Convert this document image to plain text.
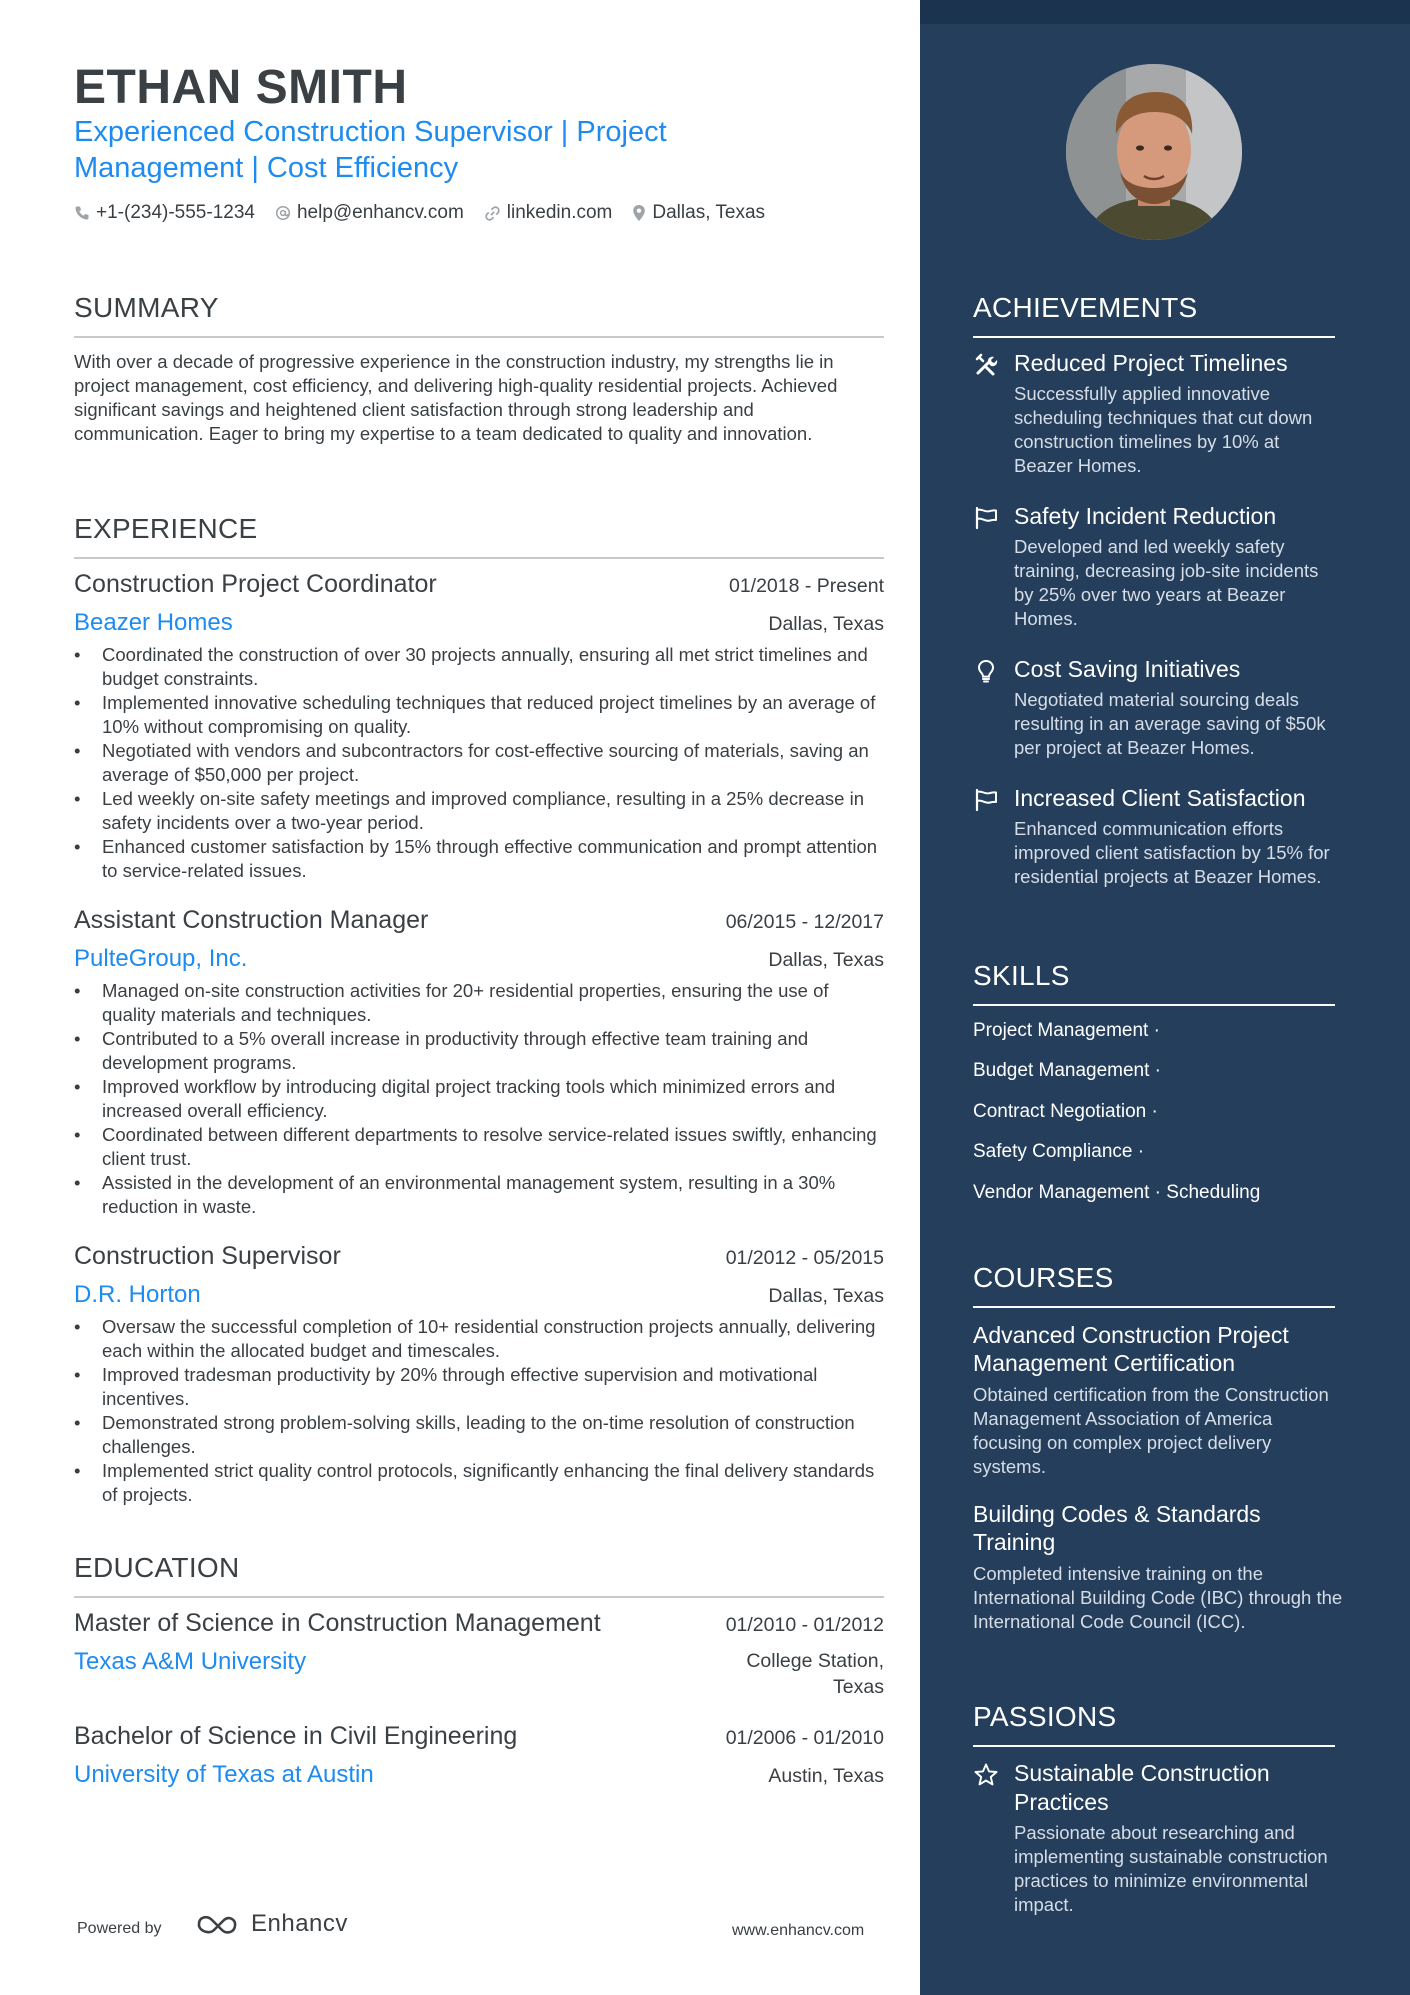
ETHAN SMITH
Experienced Construction Supervisor | Project
Management | Cost Efficiency
+1-(234)-555-1234 help@enhancv.com linkedin.com Dallas, Texas
SUMMARY
With over a decade of progressive experience in the construction industry, my strengths lie in project management, cost efficiency, and delivering high-quality residential projects. Achieved significant savings and heightened client satisfaction through strong leadership and communication. Eager to bring my expertise to a team dedicated to quality and innovation.
EXPERIENCE
Construction Project Coordinator	01/2018 - Present
Beazer Homes	Dallas, Texas
• Coordinated the construction of over 30 projects annually, ensuring all met strict timelines and budget constraints.
• Implemented innovative scheduling techniques that reduced project timelines by an average of 10% without compromising on quality.
• Negotiated with vendors and subcontractors for cost-effective sourcing of materials, saving an average of $50,000 per project.
• Led weekly on-site safety meetings and improved compliance, resulting in a 25% decrease in safety incidents over a two-year period.
• Enhanced customer satisfaction by 15% through effective communication and prompt attention to service-related issues.
Assistant Construction Manager	06/2015 - 12/2017
PulteGroup, Inc.	Dallas, Texas
• Managed on-site construction activities for 20+ residential properties, ensuring the use of quality materials and techniques.
• Contributed to a 5% overall increase in productivity through effective team training and development programs.
• Improved workflow by introducing digital project tracking tools which minimized errors and increased overall efficiency.
• Coordinated between different departments to resolve service-related issues swiftly, enhancing client trust.
• Assisted in the development of an environmental management system, resulting in a 30% reduction in waste.
Construction Supervisor	01/2012 - 05/2015
D.R. Horton	Dallas, Texas
• Oversaw the successful completion of 10+ residential construction projects annually, delivering each within the allocated budget and timescales.
• Improved tradesman productivity by 20% through effective supervision and motivational incentives.
• Demonstrated strong problem-solving skills, leading to the on-time resolution of construction challenges.
• Implemented strict quality control protocols, significantly enhancing the final delivery standards of projects.
EDUCATION
Master of Science in Construction Management	01/2010 - 01/2012
Texas A&M University	College Station,
Texas
Bachelor of Science in Civil Engineering	01/2006 - 01/2010
University of Texas at Austin	Austin, Texas
Powered by	Enhancv	www.enhancv.com
ACHIEVEMENTS
Reduced Project Timelines
Successfully applied innovative scheduling techniques that cut down construction timelines by 10% at Beazer Homes.
Safety Incident Reduction
Developed and led weekly safety training, decreasing job-site incidents by 25% over two years at Beazer Homes.
Cost Saving Initiatives
Negotiated material sourcing deals resulting in an average saving of $50k per project at Beazer Homes.
Increased Client Satisfaction
Enhanced communication efforts improved client satisfaction by 15% for residential projects at Beazer Homes.
SKILLS
Project Management ·
Budget Management ·
Contract Negotiation ·
Safety Compliance ·
Vendor Management · Scheduling
COURSES
Advanced Construction Project Management Certification
Obtained certification from the Construction Management Association of America focusing on complex project delivery systems.
Building Codes & Standards Training
Completed intensive training on the International Building Code (IBC) through the International Code Council (ICC).
PASSIONS
Sustainable Construction Practices
Passionate about researching and implementing sustainable construction practices to minimize environmental impact.
